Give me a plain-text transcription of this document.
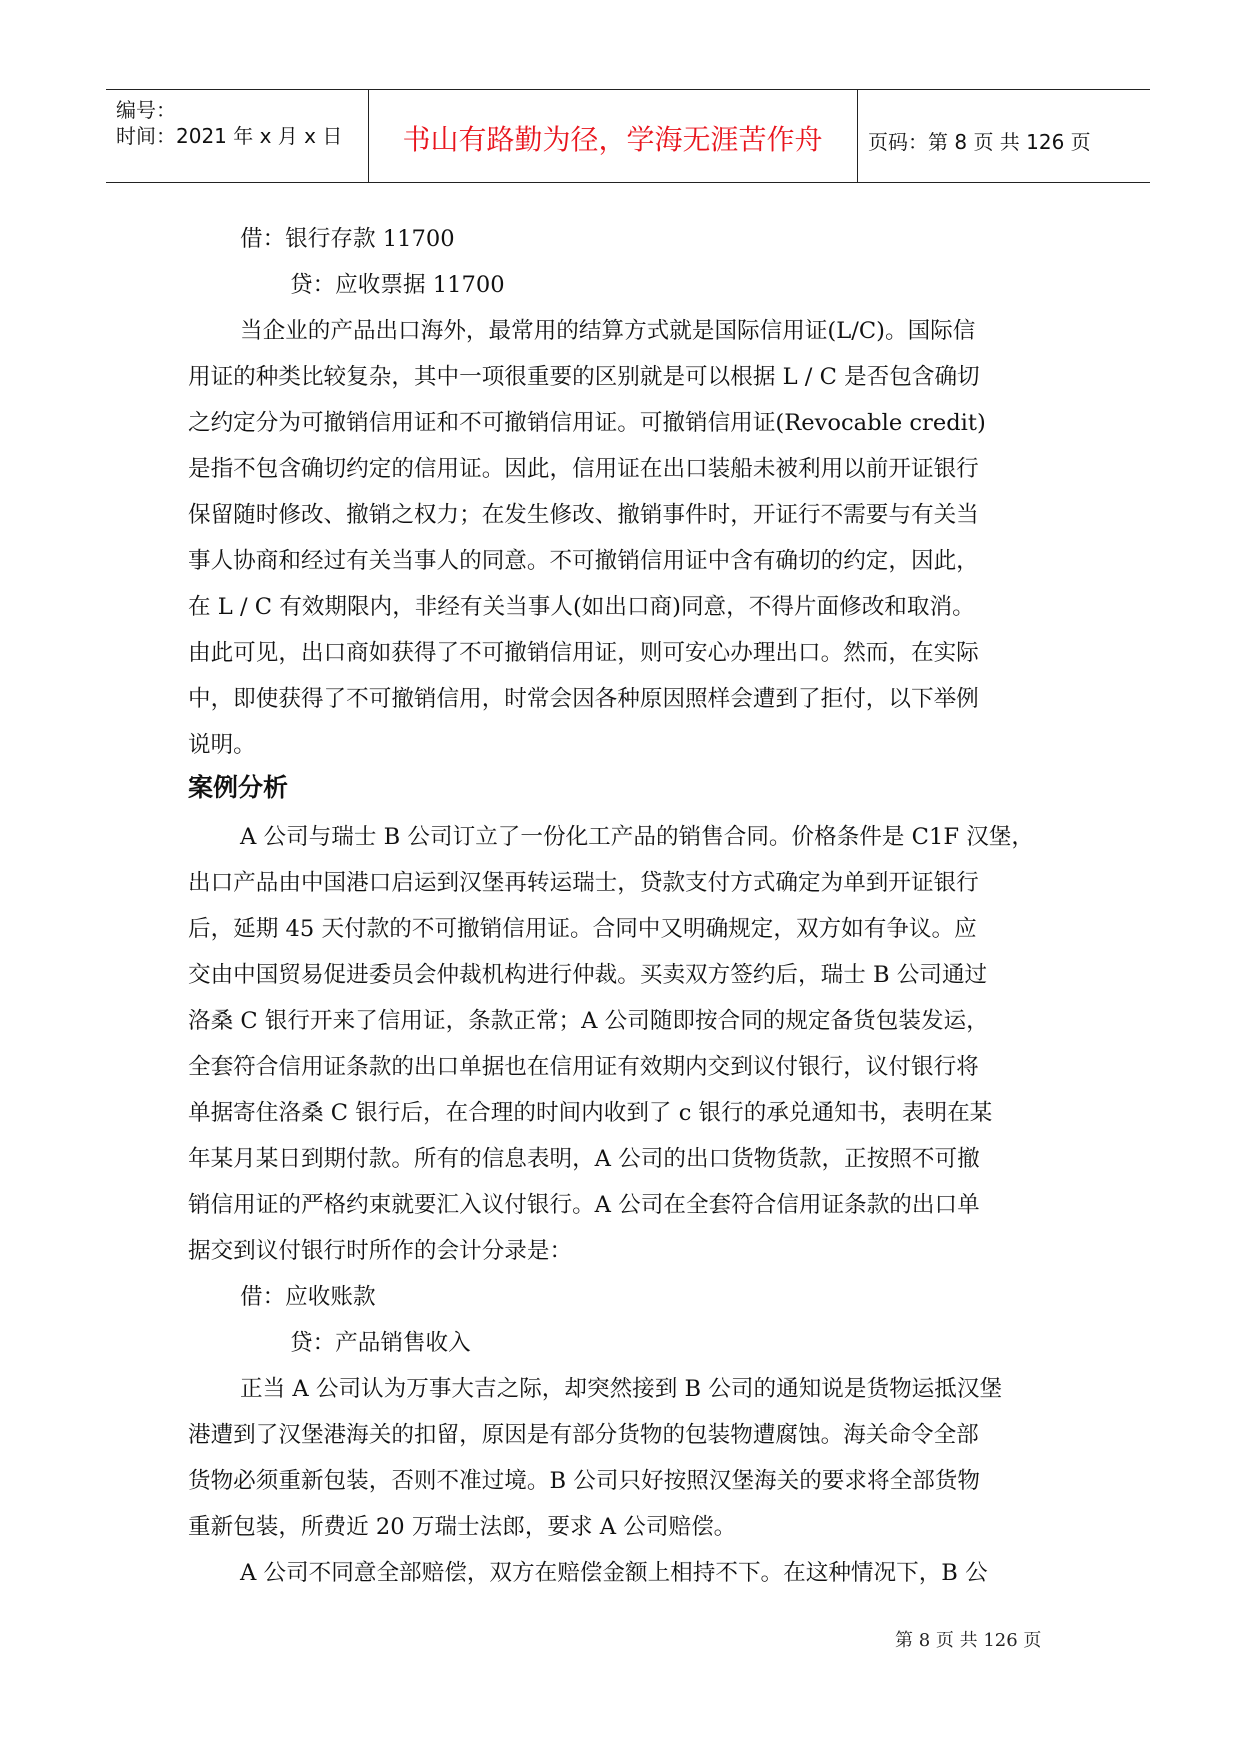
编号：
时间：2021 年 x 月 x 日	书山有路勤为径，学海无涯苦作舟	页码：第 8 页 共 126 页
借：银行存款 11700
贷：应收票据 11700
当企业的产品出口海外，最常用的结算方式就是国际信用证(L/C)。国际信
用证的种类比较复杂，其中一项很重要的区别就是可以根据 L / C 是否包含确切
之约定分为可撤销信用证和不可撤销信用证。可撤销信用证(Revocable credit)
是指不包含确切约定的信用证。因此，信用证在出口装船未被利用以前开证银行
保留随时修改、撤销之权力；在发生修改、撤销事件时，开证行不需要与有关当
事人协商和经过有关当事人的同意。不可撤销信用证中含有确切的约定，因此，
在 L / C 有效期限内，非经有关当事人(如出口商)同意，不得片面修改和取消。
由此可见，出口商如获得了不可撤销信用证，则可安心办理出口。然而，在实际
中，即使获得了不可撤销信用，时常会因各种原因照样会遭到了拒付，以下举例
说明。
案例分析
A 公司与瑞士 B 公司订立了一份化工产品的销售合同。价格条件是 C1F 汉堡，
出口产品由中国港口启运到汉堡再转运瑞士，贷款支付方式确定为单到开证银行
后，延期 45 天付款的不可撤销信用证。合同中又明确规定，双方如有争议。应
交由中国贸易促进委员会仲裁机构进行仲裁。买卖双方签约后，瑞士 B 公司通过
洛桑 C 银行开来了信用证，条款正常；A 公司随即按合同的规定备货包装发运，
全套符合信用证条款的出口单据也在信用证有效期内交到议付银行，议付银行将
单据寄住洛桑 C 银行后，在合理的时间内收到了 c 银行的承兑通知书，表明在某
年某月某日到期付款。所有的信息表明，A 公司的出口货物货款，正按照不可撤
销信用证的严格约束就要汇入议付银行。A 公司在全套符合信用证条款的出口单
据交到议付银行时所作的会计分录是：
借：应收账款
贷：产品销售收入
正当 A 公司认为万事大吉之际，却突然接到 B 公司的通知说是货物运抵汉堡
港遭到了汉堡港海关的扣留，原因是有部分货物的包装物遭腐蚀。海关命令全部
货物必须重新包装，否则不准过境。B 公司只好按照汉堡海关的要求将全部货物
重新包装，所费近 20 万瑞士法郎，要求 A 公司赔偿。
A 公司不同意全部赔偿，双方在赔偿金额上相持不下。在这种情况下，B 公
第 8 页 共 126 页
